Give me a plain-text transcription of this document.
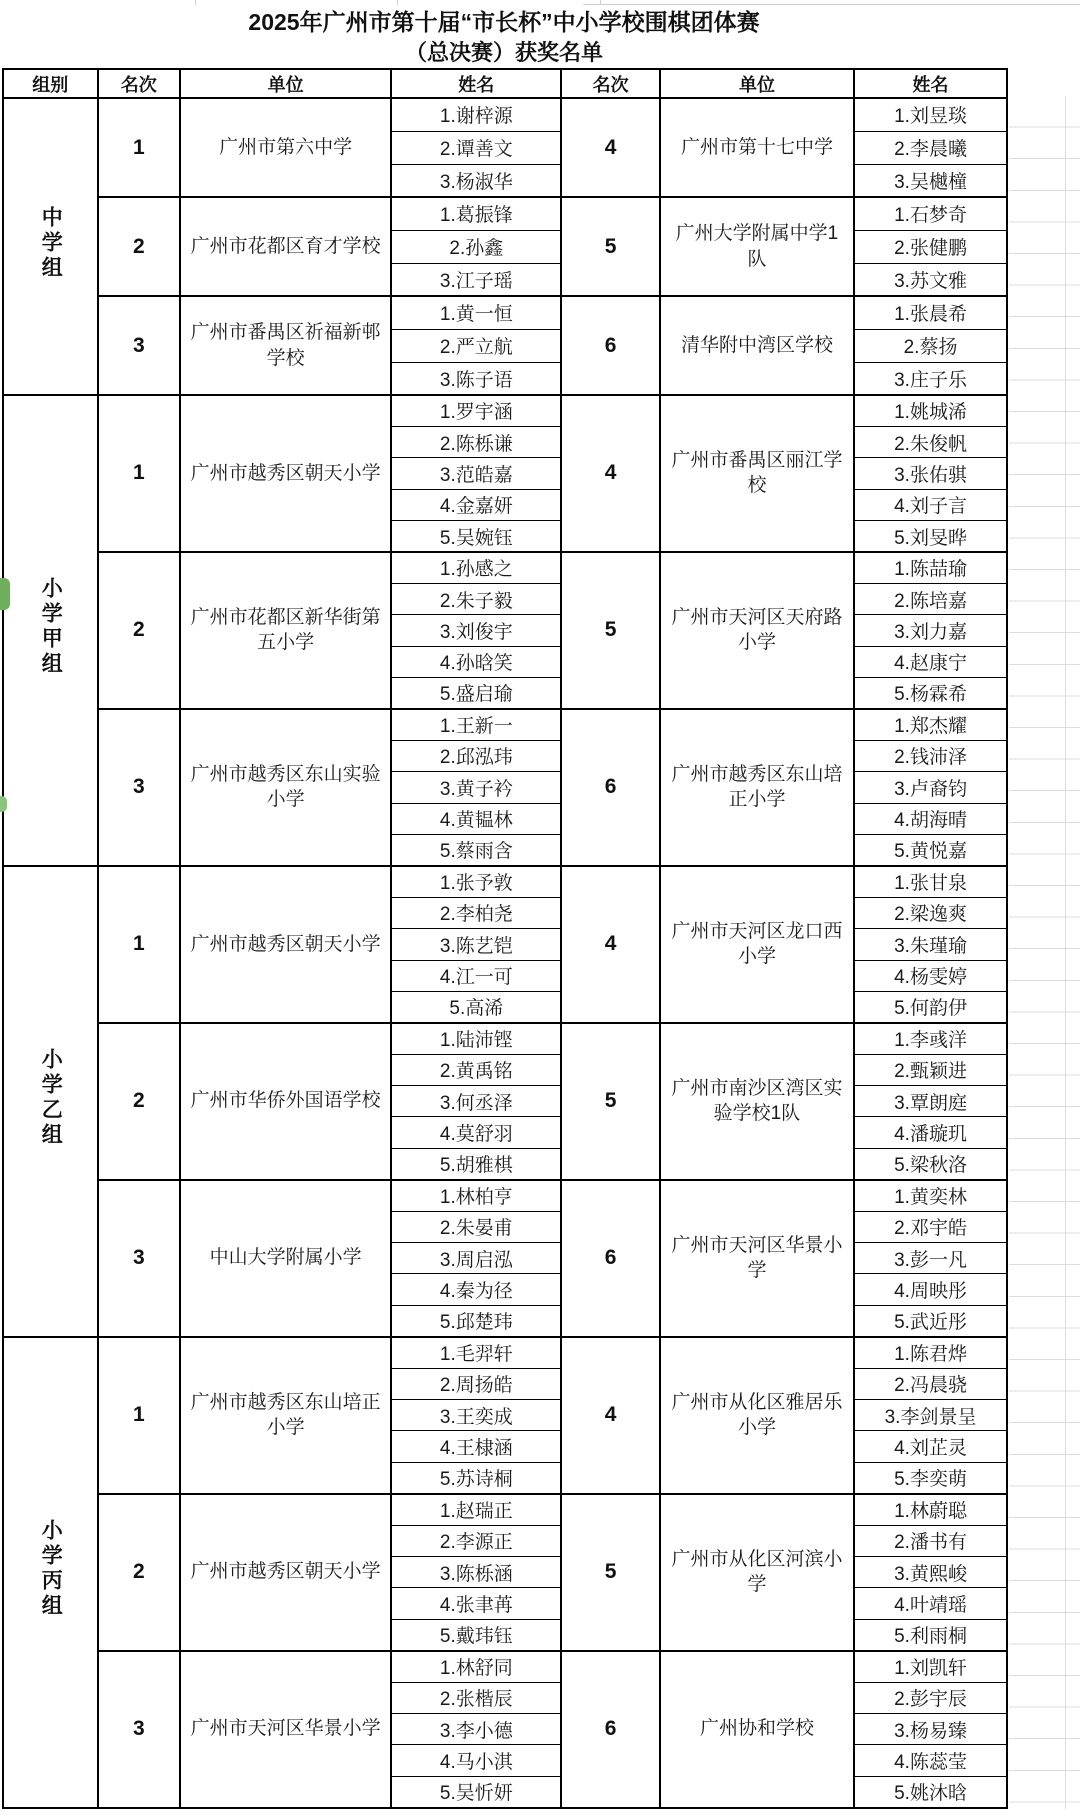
2025年广州市第十届“市长杯”中小学校围棋团体赛
（总决赛）获奖名单
组别	名次	单位	姓名	名次	单位	姓名
中学组	1	广州市第六中学	1.谢梓源	4	广州市第十七中学	1.刘昱琰
			2.谭善文			2.李晨曦
			3.杨淑华			3.吴樾橦
	2	广州市花都区育才学校	1.葛振锋	5	广州大学附属中学1队	1.石梦奇
			2.孙鑫			2.张健鹏
			3.江子瑶			3.苏文雅
	3	广州市番禺区祈福新邨学校	1.黄一恒	6	清华附中湾区学校	1.张晨希
			2.严立航			2.蔡扬
			3.陈子语			3.庄子乐
小学甲组	1	广州市越秀区朝天小学	1.罗宇涵	4	广州市番禺区丽江学校	1.姚城浠
			2.陈栎谦			2.朱俊帆
			3.范皓嘉			3.张佑骐
			4.金嘉妍			4.刘子言
			5.吴婉钰			5.刘旻晔
	2	广州市花都区新华街第五小学	1.孙感之	5	广州市天河区天府路小学	1.陈喆瑜
			2.朱子毅			2.陈培嘉
			3.刘俊宇			3.刘力嘉
			4.孙晗笑			4.赵康宁
			5.盛启瑜			5.杨霖希
	3	广州市越秀区东山实验小学	1.王新一	6	广州市越秀区东山培正小学	1.郑杰耀
			2.邱泓玮			2.钱沛泽
			3.黄子衿			3.卢裔钧
			4.黄韫林			4.胡海晴
			5.蔡雨含			5.黄悦嘉
小学乙组	1	广州市越秀区朝天小学	1.张予敦	4	广州市天河区龙口西小学	1.张甘泉
			2.李柏尧			2.梁逸爽
			3.陈艺铠			3.朱瑾瑜
			4.江一可			4.杨雯婷
			5.高浠			5.何韵伊
	2	广州市华侨外国语学校	1.陆沛铿	5	广州市南沙区湾区实验学校1队	1.李彧洋
			2.黄禹铭			2.甄颖进
			3.何丞泽			3.覃朗庭
			4.莫舒羽			4.潘璇玑
			5.胡雅棋			5.梁秋洛
	3	中山大学附属小学	1.林柏亨	6	广州市天河区华景小学	1.黄奕林
			2.朱晏甫			2.邓宇皓
			3.周启泓			3.彭一凡
			4.秦为径			4.周映彤
			5.邱楚玮			5.武近彤
小学丙组	1	广州市越秀区东山培正小学	1.毛羿轩	4	广州市从化区雅居乐小学	1.陈君烨
			2.周扬皓			2.冯晨骁
			3.王奕成			3.李剑景呈
			4.王棣涵			4.刘芷灵
			5.苏诗桐			5.李奕萌
	2	广州市越秀区朝天小学	1.赵瑞正	5	广州市从化区河滨小学	1.林蔚聪
			2.李源正			2.潘书有
			3.陈栎涵			3.黄熙峻
			4.张聿苒			4.叶靖瑶
			5.戴玮钰			5.利雨桐
	3	广州市天河区华景小学	1.林舒同	6	广州协和学校	1.刘凯轩
			2.张楷辰			2.彭宇辰
			3.李小德			3.杨易臻
			4.马小淇			4.陈蕊莹
			5.吴忻妍			5.姚沐晗
